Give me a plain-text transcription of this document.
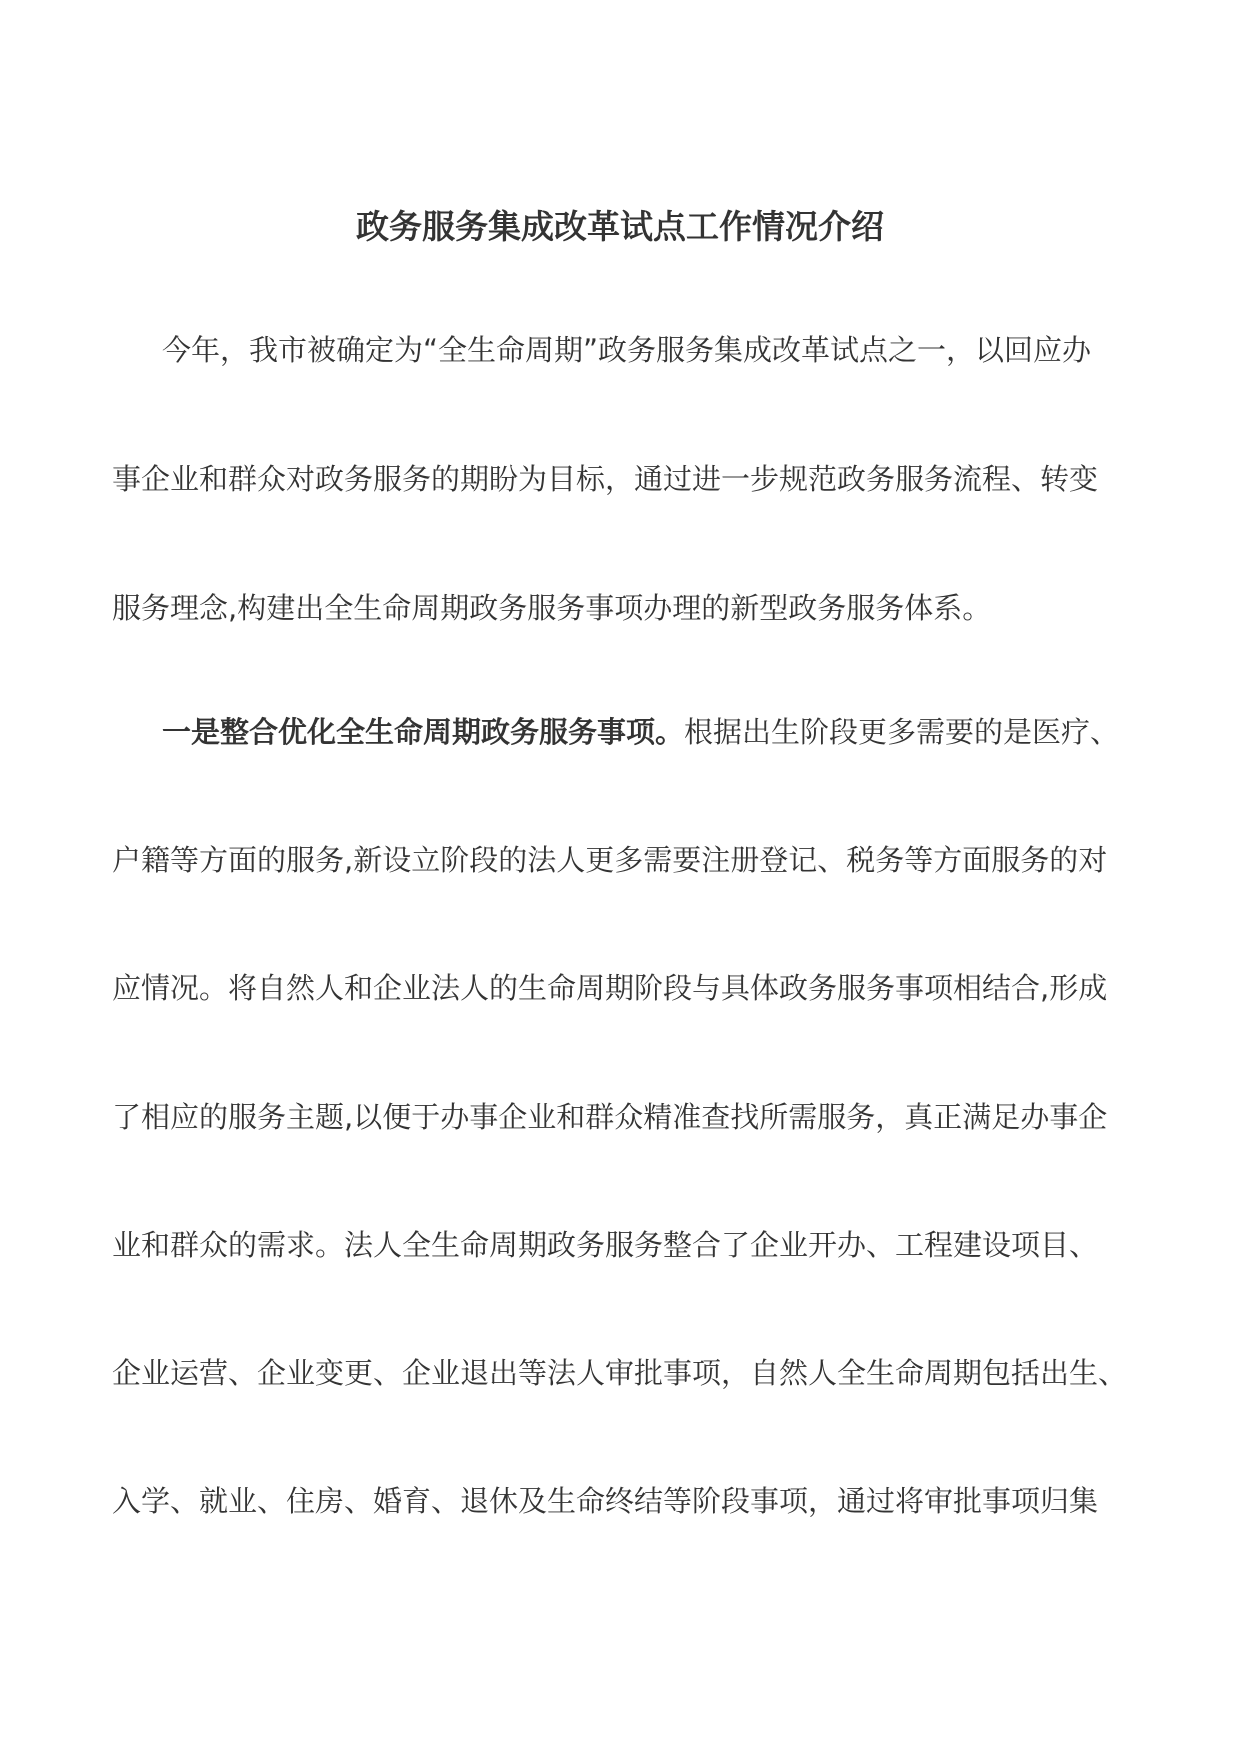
政务服务集成改革试点工作情况介绍
今年，我市被确定为“全生命周期”政务服务集成改革试点之一，以回应办
事企业和群众对政务服务的期盼为目标，通过进一步规范政务服务流程、转变
服务理念,构建出全生命周期政务服务事项办理的新型政务服务体系。
一是整合优化全生命周期政务服务事项。根据出生阶段更多需要的是医疗、
户籍等方面的服务,新设立阶段的法人更多需要注册登记、税务等方面服务的对
应情况。将自然人和企业法人的生命周期阶段与具体政务服务事项相结合,形成
了相应的服务主题,以便于办事企业和群众精准查找所需服务，真正满足办事企
业和群众的需求。法人全生命周期政务服务整合了企业开办、工程建设项目、
企业运营、企业变更、企业退出等法人审批事项，自然人全生命周期包括出生、
入学、就业、住房、婚育、退休及生命终结等阶段事项，通过将审批事项归集
